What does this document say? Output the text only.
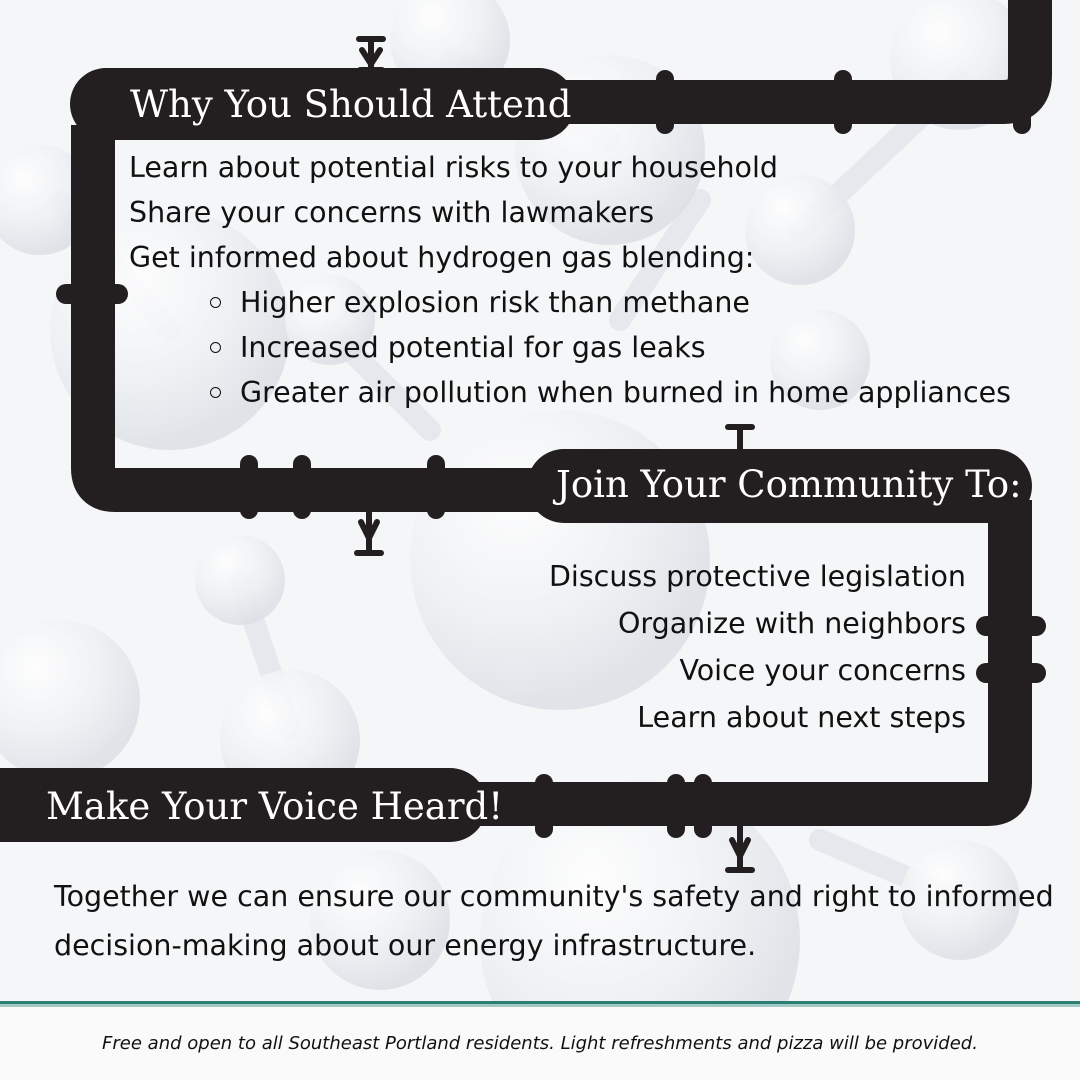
Why You Should Attend
Learn about potential risks to your household
Share your concerns with lawmakers
Get informed about hydrogen gas blending:
Higher explosion risk than methane
Increased potential for gas leaks
Greater air pollution when burned in home appliances
Join Your Community To:
Discuss protective legislation
Organize with neighbors
Voice your concerns
Learn about next steps
Make Your Voice Heard!

Together we can ensure our community's safety and right to informed decision-making about our energy infrastructure.

Free and open to all Southeast Portland residents. Light refreshments and pizza will be provided.
